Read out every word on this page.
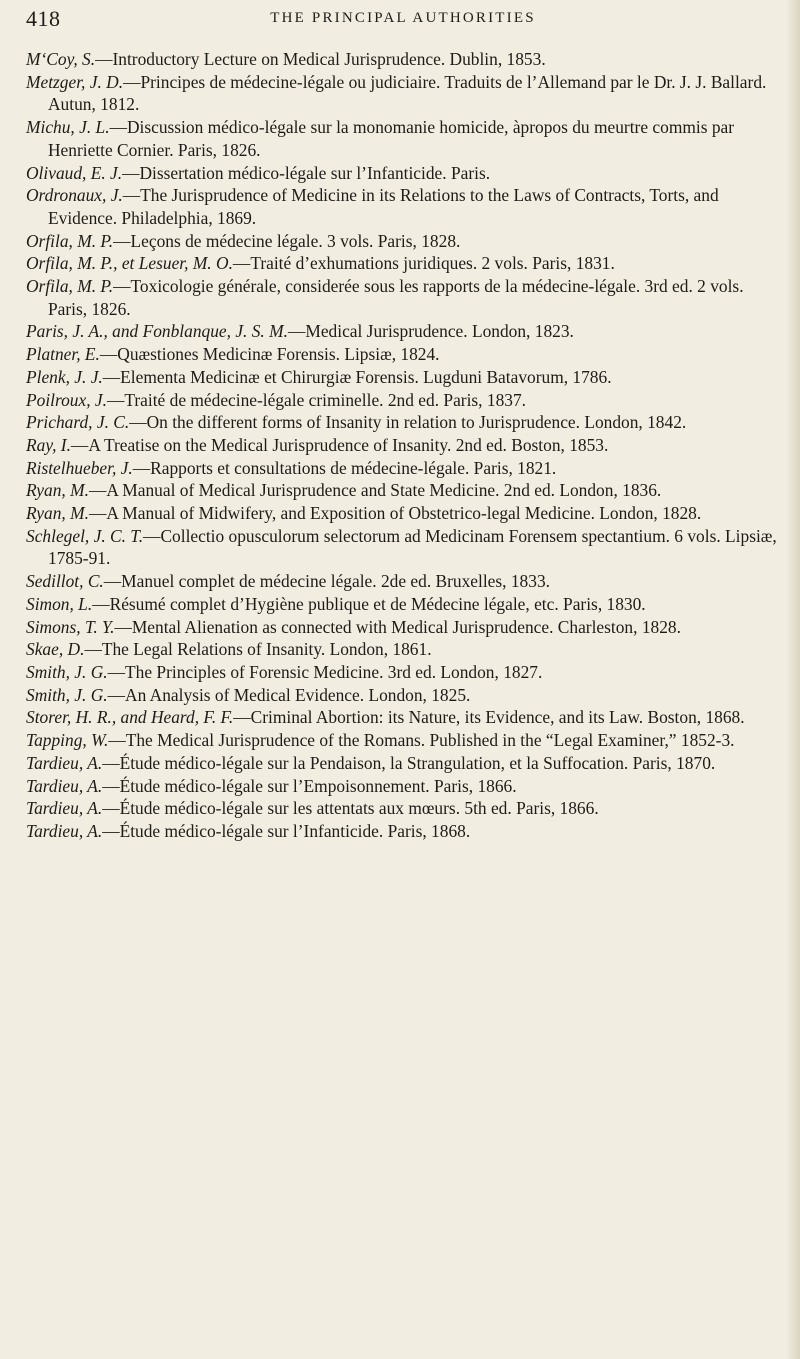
418	THE PRINCIPAL AUTHORITIES

M‘Coy, S.—Introductory Lecture on Medical Jurisprudence. Dublin, 1853.

Metzger, J. D.—Principes de médecine-légale ou judiciaire. Traduits de l’Allemand par le Dr. J. J. Ballard. Autun, 1812.

Michu, J. L.—Discussion médico-légale sur la monomanie homicide, àpropos du meurtre commis par Henriette Cornier. Paris, 1826.

Olivaud, E. J.—Dissertation médico-légale sur l’Infanticide. Paris.

Ordronaux, J.—The Jurisprudence of Medicine in its Relations to the Laws of Contracts, Torts, and Evidence. Philadelphia, 1869.

Orfila, M. P.—Leçons de médecine légale. 3 vols. Paris, 1828.

Orfila, M. P., et Lesuer, M. O.—Traité d’exhumations juridiques. 2 vols. Paris, 1831.

Orfila, M. P.—Toxicologie générale, considerée sous les rapports de la médecine-légale. 3rd ed. 2 vols. Paris, 1826.

Paris, J. A., and Fonblanque, J. S. M.—Medical Jurisprudence. London, 1823.

Platner, E.—Quæstiones Medicinæ Forensis. Lipsiæ, 1824.

Plenk, J. J.—Elementa Medicinæ et Chirurgiæ Forensis. Lugduni Batavorum, 1786.

Poilroux, J.—Traité de médecine-légale criminelle. 2nd ed. Paris, 1837.

Prichard, J. C.—On the different forms of Insanity in relation to Jurisprudence. London, 1842.

Ray, I.—A Treatise on the Medical Jurisprudence of Insanity. 2nd ed. Boston, 1853.

Ristelhueber, J.—Rapports et consultations de médecine-légale. Paris, 1821.

Ryan, M.—A Manual of Medical Jurisprudence and State Medicine. 2nd ed. London, 1836.

Ryan, M.—A Manual of Midwifery, and Exposition of Obstetrico-legal Medicine. London, 1828.

Schlegel, J. C. T.—Collectio opusculorum selectorum ad Medicinam Forensem spectantium. 6 vols. Lipsiæ, 1785-91.

Sedillot, C.—Manuel complet de médecine légale. 2de ed. Bruxelles, 1833.

Simon, L.—Résumé complet d’Hygiène publique et de Médecine légale, etc. Paris, 1830.

Simons, T. Y.—Mental Alienation as connected with Medical Jurisprudence. Charleston, 1828.

Skae, D.—The Legal Relations of Insanity. London, 1861.

Smith, J. G.—The Principles of Forensic Medicine. 3rd ed. London, 1827.

Smith, J. G.—An Analysis of Medical Evidence. London, 1825.

Storer, H. R., and Heard, F. F.—Criminal Abortion: its Nature, its Evidence, and its Law. Boston, 1868.

Tapping, W.—The Medical Jurisprudence of the Romans. Published in the “Legal Examiner,” 1852-3.

Tardieu, A.—Étude médico-légale sur la Pendaison, la Strangulation, et la Suffocation. Paris, 1870.

Tardieu, A.—Étude médico-légale sur l’Empoisonnement. Paris, 1866.

Tardieu, A.—Étude médico-légale sur les attentats aux mœurs. 5th ed. Paris, 1866.

Tardieu, A.—Étude médico-légale sur l’Infanticide. Paris, 1868.
